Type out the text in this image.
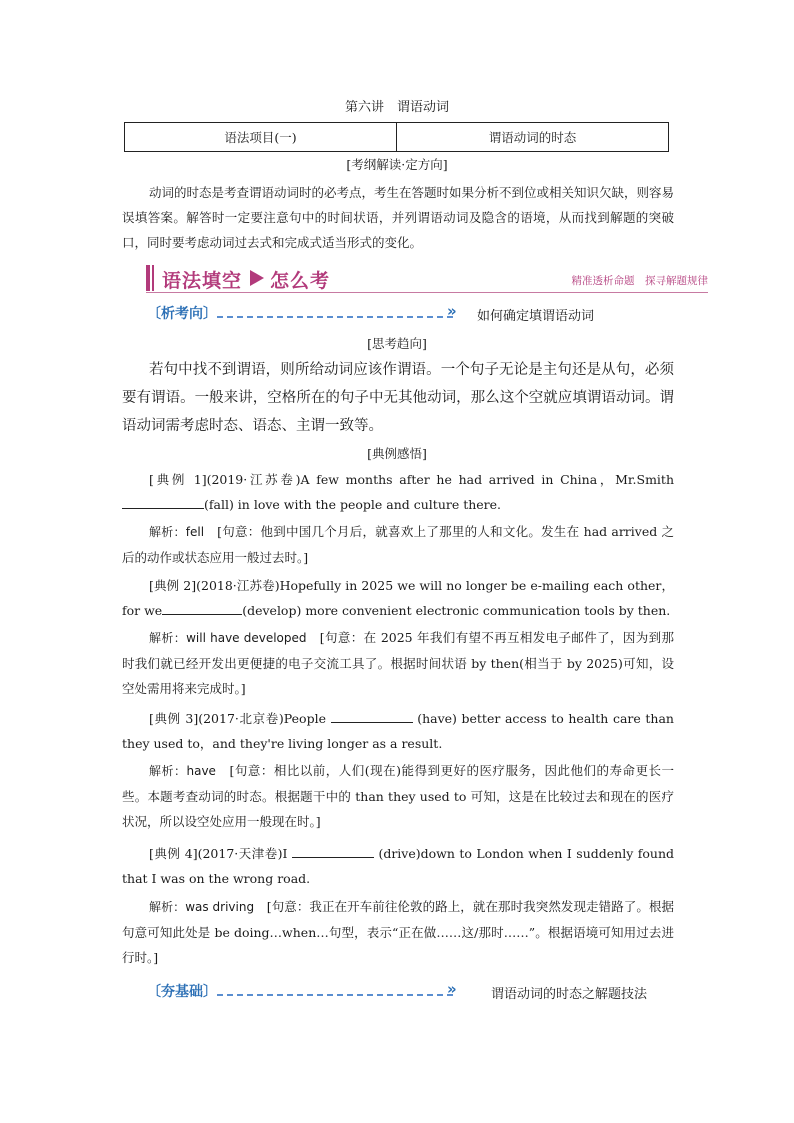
第六讲　谓语动词
语法项目(一)	谓语动词的时态
[考纲解读·定方向]
动词的时态是考查谓语动词时的必考点，考生在答题时如果分析不到位或相关知识欠缺，则容易误填答案。解答时一定要注意句中的时间状语，并列谓语动词及隐含的语境，从而找到解题的突破口，同时要考虑动词过去式和完成式适当形式的变化。
语法填空 怎么考	精准透析命题　探寻解题规律
〔析考向〕	» 如何确定填谓语动词
[思考趋向]
若句中找不到谓语，则所给动词应该作谓语。一个句子无论是主句还是从句，必须要有谓语。一般来讲，空格所在的句子中无其他动词，那么这个空就应填谓语动词。谓语动词需考虑时态、语态、主谓一致等。
[典例感悟]
[典例 1](2019·江苏卷)A few months after he had arrived in China，Mr.Smith(fall) in love with the people and culture there.
解析：fell　 [句意：他到中国几个月后，就喜欢上了那里的人和文化。发生在 had arrived 之后的动作或状态应用一般过去时。]
[典例 2](2018·江苏卷)Hopefully in 2025 we will no longer be e-mailing each other，for we	(develop) more convenient electronic communication tools by then.
解析：will have developed　 [句意：在 2025 年我们有望不再互相发电子邮件了，因为到那时我们就已经开发出更便捷的电子交流工具了。根据时间状语 by then(相当于 by 2025)可知，设空处需用将来完成时。]
[典例 3](2017·北京卷)People	(have) better access to health care than they used to，and they're living longer as a result.
解析：have　 [句意：相比以前，人们(现在)能得到更好的医疗服务，因此他们的寿命更长一些。本题考查动词的时态。根据题干中的 than they used to 可知，这是在比较过去和现在的医疗状况，所以设空处应用一般现在时。]
[典例 4](2017·天津卷)I	(drive)down to London when I suddenly found that I was on the wrong road.
解析：was driving　 [句意：我正在开车前往伦敦的路上，就在那时我突然发现走错路了。根据句意可知此处是 be doing…when…句型，表示“正在做……这/那时……”。根据语境可知用过去进行时。]
〔夯基础〕	»	谓语动词的时态之解题技法
